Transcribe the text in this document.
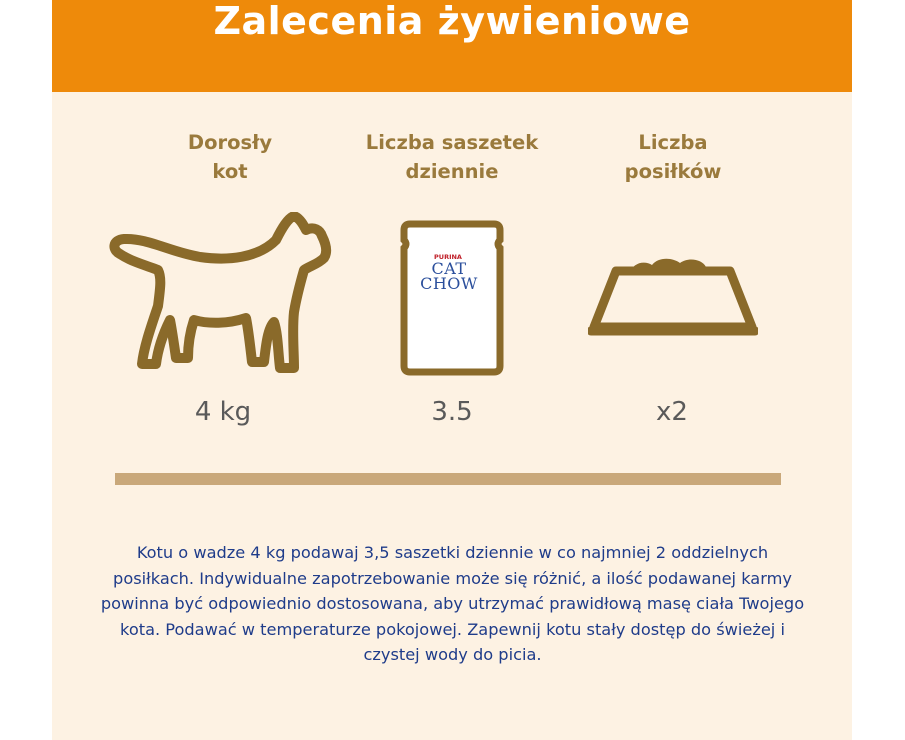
Zalecenia żywieniowe
Dorosły
kot
4 kg
Liczba saszetek
dziennie
PURINA
CAT
CHOW
3.5
Liczba
posiłków
x2
Kotu o wadze 4 kg podawaj 3,5 saszetki dziennie w co najmniej 2 oddzielnych posiłkach. Indywidualne zapotrzebowanie może się różnić, a ilość podawanej karmy powinna być odpowiednio dostosowana, aby utrzymać prawidłową masę ciała Twojego kota. Podawać w temperaturze pokojowej. Zapewnij kotu stały dostęp do świeżej i czystej wody do picia.
